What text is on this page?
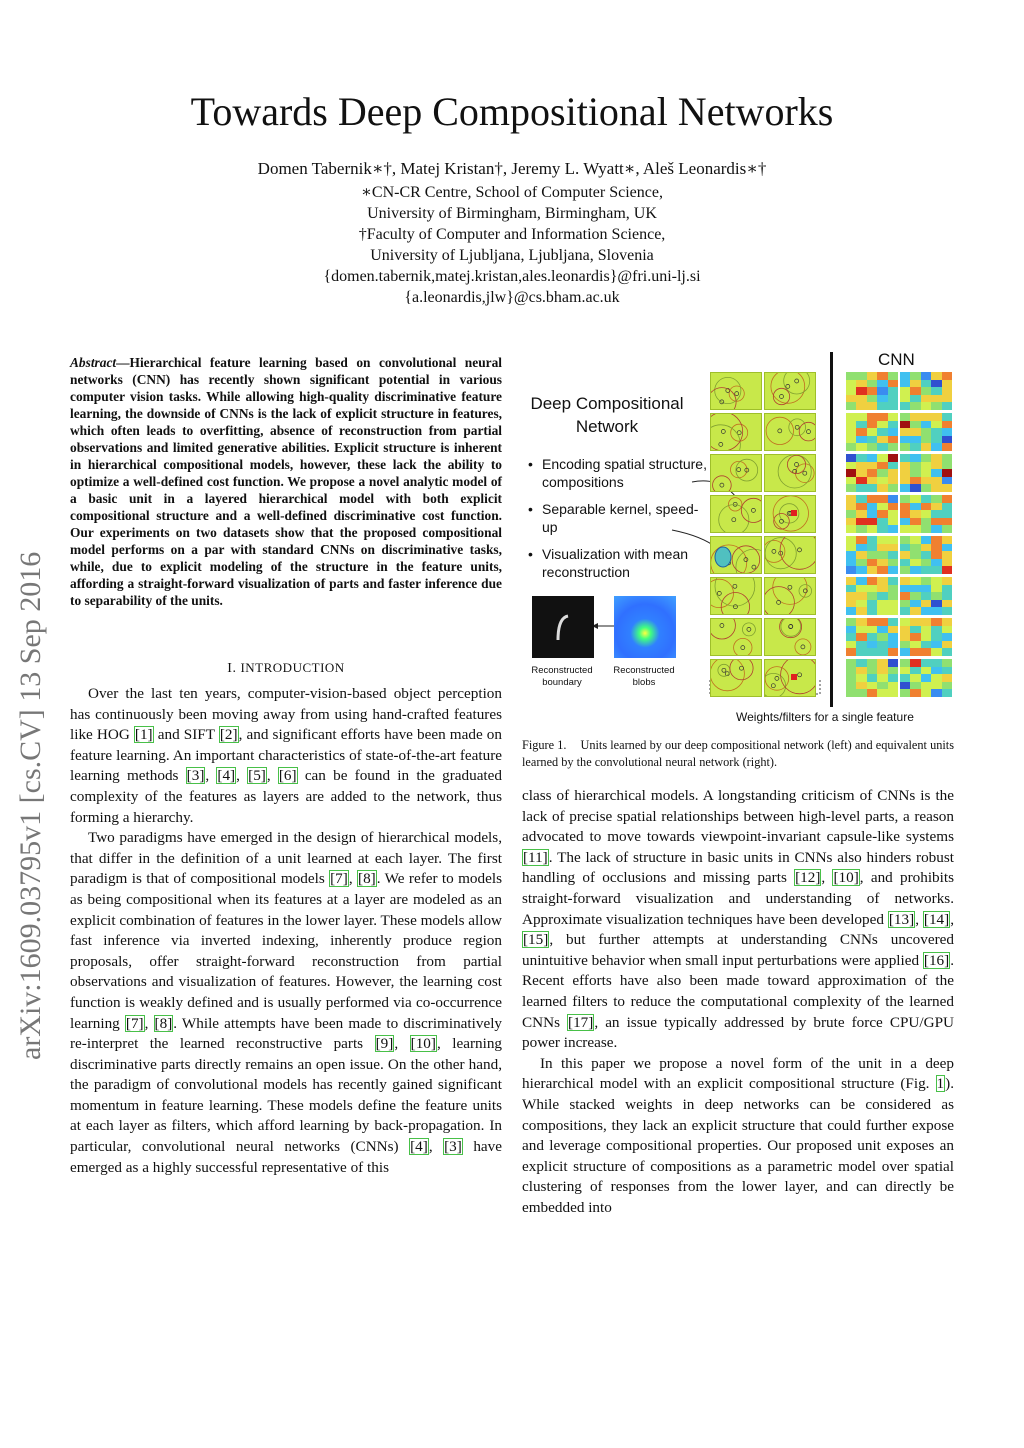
Towards Deep Compositional Networks
Domen Tabernik∗†, Matej Kristan†, Jeremy L. Wyatt∗, Aleš Leonardis∗†
∗CN-CR Centre, School of Computer Science,
University of Birmingham, Birmingham, UK
†Faculty of Computer and Information Science,
University of Ljubljana, Ljubljana, Slovenia
{domen.tabernik,matej.kristan,ales.leonardis}@fri.uni-lj.si
{a.leonardis,jlw}@cs.bham.ac.uk
arXiv:1609.03795v1 [cs.CV] 13 Sep 2016
Abstract—Hierarchical feature learning based on convolutional neural networks (CNN) has recently shown significant potential in various computer vision tasks. While allowing high-quality discriminative feature learning, the downside of CNNs is the lack of explicit structure in features, which often leads to overfitting, absence of reconstruction from partial observations and limited generative abilities. Explicit structure is inherent in hierarchical compositional models, however, these lack the ability to optimize a well-defined cost function. We propose a novel analytic model of a basic unit in a layered hierarchical model with both explicit compositional structure and a well-defined discriminative cost function. Our experiments on two datasets show that the proposed compositional model performs on a par with standard CNNs on discriminative tasks, while, due to explicit modeling of the structure in the feature units, affording a straight-forward visualization of parts and faster inference due to separability of the units.
I. INTRODUCTION

Over the last ten years, computer-vision-based object perception has continuously been moving away from using hand-crafted features like HOG [1] and SIFT [2], and significant efforts have been made on feature learning. An important characteristics of state-of-the-art feature learning methods [3], [4], [5], [6] can be found in the graduated complexity of the features as layers are added to the network, thus forming a hierarchy.

Two paradigms have emerged in the design of hierarchical models, that differ in the definition of a unit learned at each layer. The first paradigm is that of compositional models [7], [8]. We refer to models as being compositional when its features at a layer are modeled as an explicit combination of features in the lower layer. These models allow fast inference via inverted indexing, inherently produce region proposals, offer straight-forward reconstruction from partial observations and visualization of features. However, the learning cost function is weakly defined and is usually performed via co-occurrence learning [7], [8]. While attempts have been made to discriminatively re-interpret the learned reconstructive parts [9], [10], learning discriminative parts directly remains an open issue. On the other hand, the paradigm of convolutional models has recently gained significant momentum in feature learning. These models define the feature units at each layer as filters, which afford learning by back-propagation. In particular, convolutional neural networks (CNNs) [4], [3] have emerged as a highly successful representative of this

Deep Compositional Network
• Encoding spatial structure, compositions
• Separable kernel, speed-up
• Visualization with mean reconstruction
Reconstructed boundary
Reconstructed blobs
CNN
Weights/filters for a single feature
Figure 1. Units learned by our deep compositional network (left) and equivalent units learned by the convolutional neural network (right).

class of hierarchical models. A longstanding criticism of CNNs is the lack of precise spatial relationships between high-level parts, a reason advocated to move towards viewpoint-invariant capsule-like systems [11]. The lack of structure in basic units in CNNs also hinders robust handling of occlusions and missing parts [12], [10], and prohibits straight-forward visualization and understanding of networks. Approximate visualization techniques have been developed [13], [14], [15], but further attempts at understanding CNNs uncovered unintuitive behavior when small input perturbations were applied [16]. Recent efforts have also been made toward approximation of the learned filters to reduce the computational complexity of the learned CNNs [17], an issue typically addressed by brute force CPU/GPU power increase.

In this paper we propose a novel form of the unit in a deep hierarchical model with an explicit compositional structure (Fig. 1). While stacked weights in deep networks can be considered as compositions, they lack an explicit structure that could further expose and leverage compositional properties. Our proposed unit exposes an explicit structure of compositions as a parametric model over spatial clustering of responses from the lower layer, and can directly be embedded into
